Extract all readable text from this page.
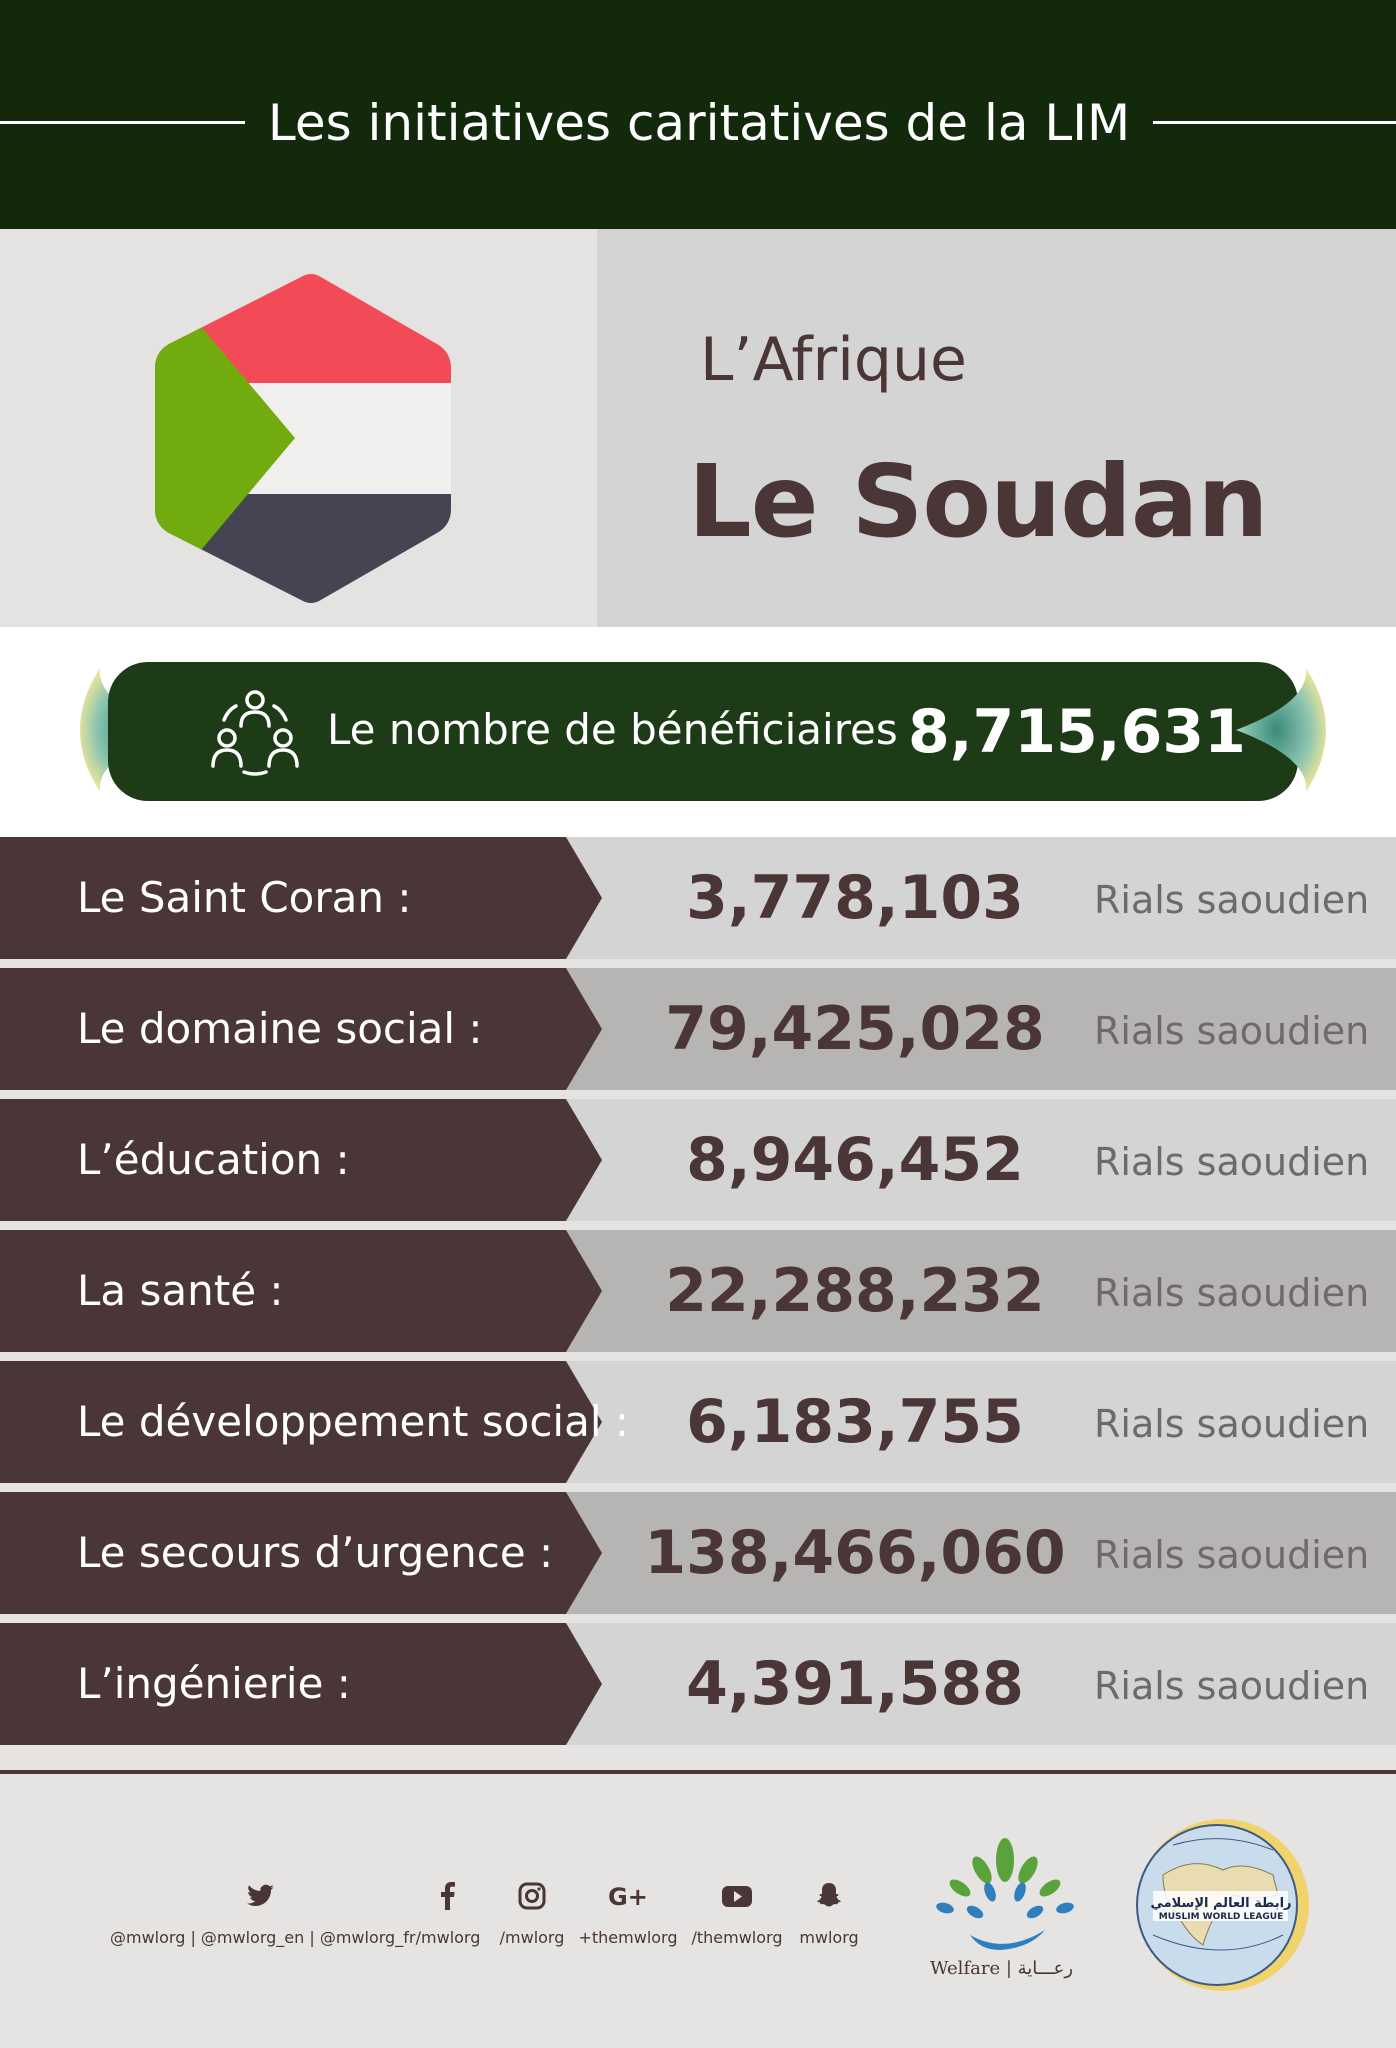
Les initiatives caritatives de la LIM
L’Afrique
Le Soudan
Le nombre de bénéficiaires 8,715,631
Le Saint Coran :	3,778,103	Rials saoudien
Le domaine social :	79,425,028	Rials saoudien
L’éducation :	8,946,452	Rials saoudien
La santé :	22,288,232	Rials saoudien
Le développement social : 6,183,755	Rials saoudien
Le secours d’urgence :	138,466,060 Rials saoudien
L’ingénierie :	4,391,588	Rials saoudien
@mwlorg | @mwlorg_en | @mwlorg_fr /mwlorg	/mwlorg
G+
+themwlorg /themwlorg	mwlorg
Welfare | رعـــاية
رابطة العالم الإسلامي
MUSLIM WORLD LEAGUE
